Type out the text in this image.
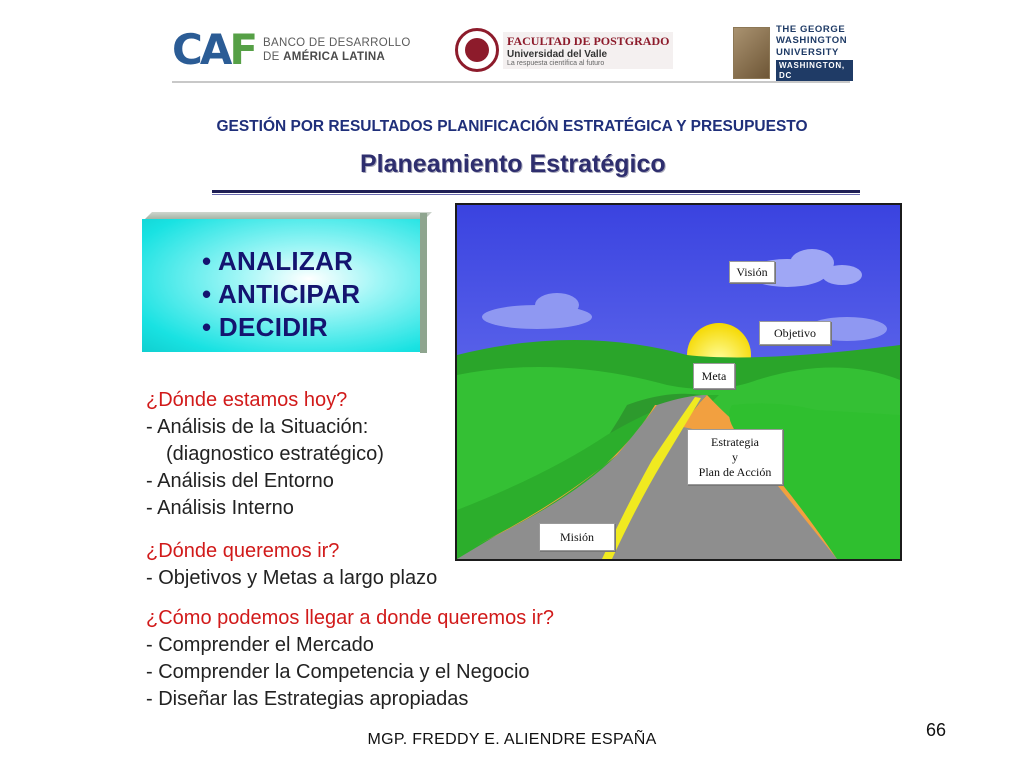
CAF BANCO DE DESARROLLO
DE AMÉRICA LATINA
FACULTAD DE POSTGRADO
Universidad del Valle
La respuesta científica al futuro
THE GEORGE
WASHINGTON
UNIVERSITY
WASHINGTON, DC
GESTIÓN POR RESULTADOS PLANIFICACIÓN ESTRATÉGICA Y PRESUPUESTO
Planeamiento Estratégico
• ANALIZAR
• ANTICIPAR
• DECIDIR
¿Dónde estamos hoy?
- Análisis de la Situación:
(diagnostico estratégico)
- Análisis del Entorno
- Análisis Interno
¿Dónde queremos ir?
- Objetivos y Metas a largo plazo
¿Cómo podemos llegar a donde queremos ir?
- Comprender el Mercado
- Comprender la Competencia y el Negocio
- Diseñar las Estrategias apropiadas
Visión
Objetivo
Meta
Estrategia
y
Plan de Acción
Misión
66
MGP. FREDDY E. ALIENDRE ESPAÑA
